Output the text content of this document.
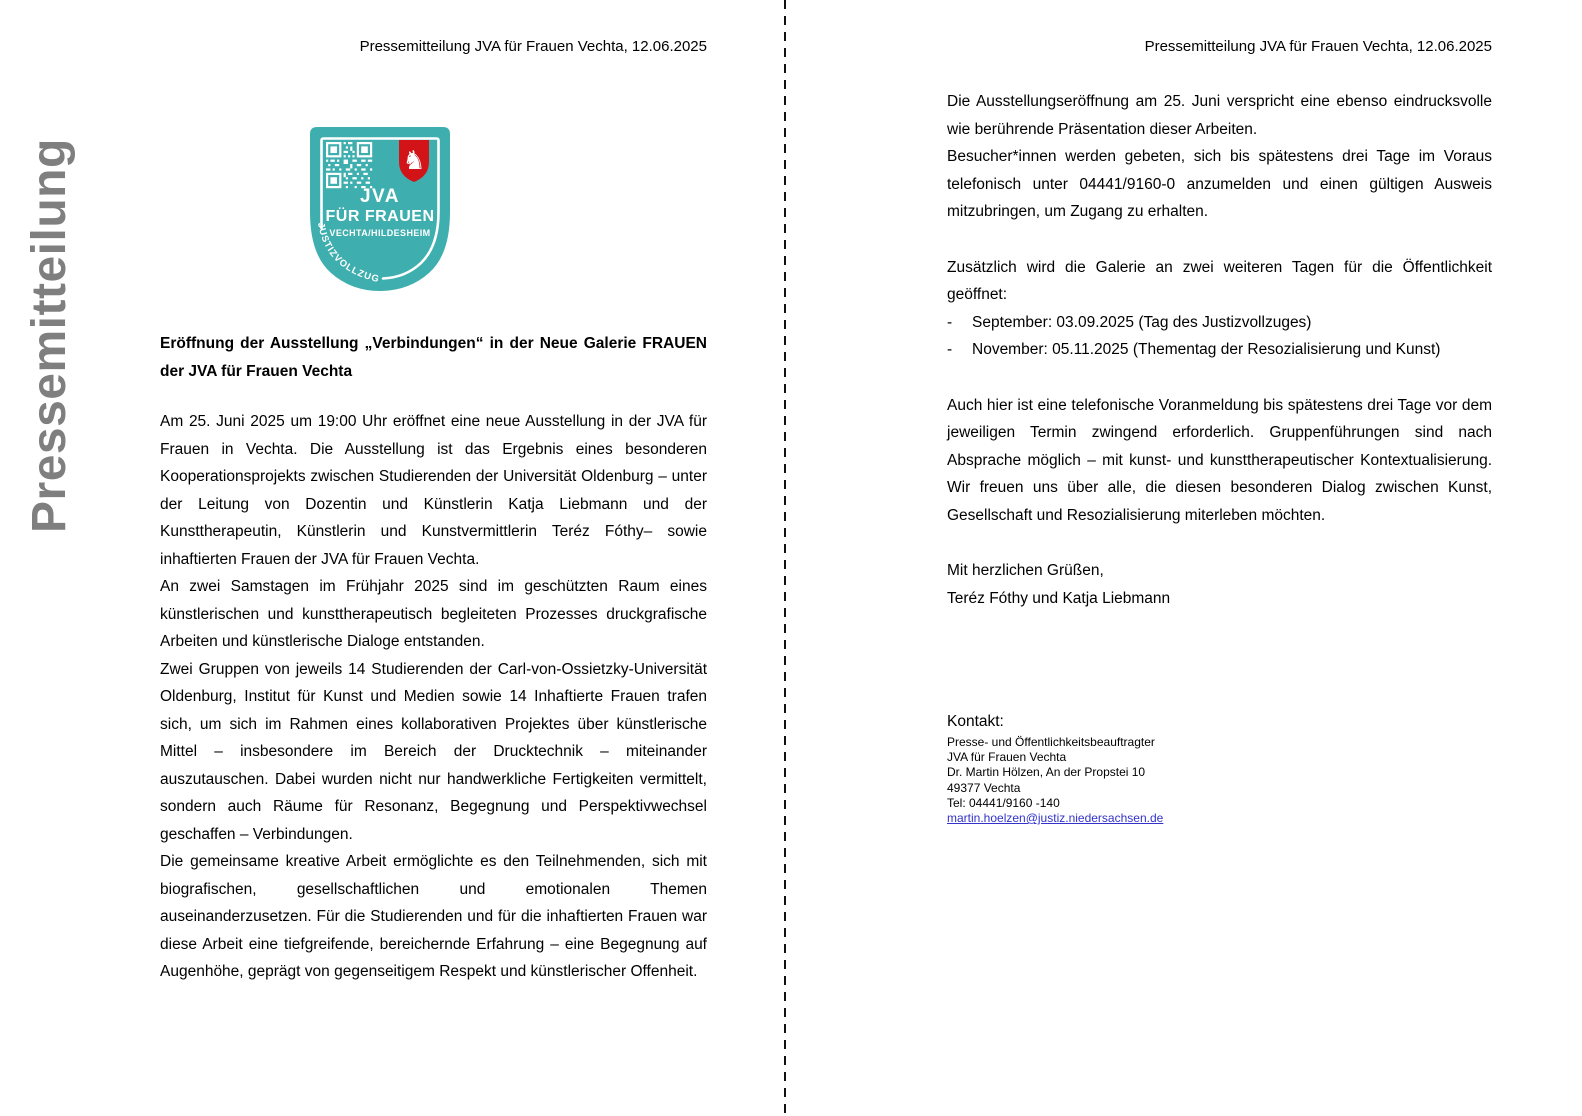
Pressemitteilung
Pressemitteilung JVA für Frauen Vechta, 12.06.2025
♞
JVA
FÜR FRAUEN
VECHTA/HILDESHEIM
JUSTIZVOLLZUG
Eröffnung der Ausstellung „Verbindungen“ in der Neue Galerie FRAUEN der JVA für Frauen Vechta
Am 25. Juni 2025 um 19:00 Uhr eröffnet eine neue Ausstellung in der JVA für Frauen in Vechta. Die Ausstellung ist das Ergebnis eines besonderen Kooperationsprojekts zwischen Studierenden der Universität Oldenburg – unter der Leitung von Dozentin und Künstlerin Katja Liebmann und der Kunsttherapeutin, Künstlerin und Kunstvermittlerin Teréz Fóthy– sowie inhaftierten Frauen der JVA für Frauen Vechta.
An zwei Samstagen im Frühjahr 2025 sind im geschützten Raum eines künstlerischen und kunsttherapeutisch begleiteten Prozesses druckgrafische Arbeiten und künstlerische Dialoge entstanden.
Zwei Gruppen von jeweils 14 Studierenden der Carl-von-Ossietzky-Universität Oldenburg, Institut für Kunst und Medien sowie 14 Inhaftierte Frauen trafen sich, um sich im Rahmen eines kollaborativen Projektes über künstlerische Mittel – insbesondere im Bereich der Drucktechnik – miteinander auszutauschen. Dabei wurden nicht nur handwerkliche Fertigkeiten vermittelt, sondern auch Räume für Resonanz, Begegnung und Perspektivwechsel geschaffen – Verbindungen.
Die gemeinsame kreative Arbeit ermöglichte es den Teilnehmenden, sich mit biografischen, gesellschaftlichen und emotionalen Themen auseinanderzusetzen. Für die Studierenden und für die inhaftierten Frauen war diese Arbeit eine tiefgreifende, bereichernde Erfahrung – eine Begegnung auf Augenhöhe, geprägt von gegenseitigem Respekt und künstlerischer Offenheit.
Pressemitteilung JVA für Frauen Vechta, 12.06.2025
Die Ausstellungseröffnung am 25. Juni verspricht eine ebenso eindrucksvolle wie berührende Präsentation dieser Arbeiten.
Besucher*innen werden gebeten, sich bis spätestens drei Tage im Voraus telefonisch unter 04441/9160-0 anzumelden und einen gültigen Ausweis mitzubringen, um Zugang zu erhalten.
Zusätzlich wird die Galerie an zwei weiteren Tagen für die Öffentlichkeit geöffnet:
-	September: 03.09.2025 (Tag des Justizvollzuges)
-	November: 05.11.2025 (Thementag der Resozialisierung und Kunst)
Auch hier ist eine telefonische Voranmeldung bis spätestens drei Tage vor dem jeweiligen Termin zwingend erforderlich. Gruppenführungen sind nach Absprache möglich – mit kunst- und kunsttherapeutischer Kontextualisierung. Wir freuen uns über alle, die diesen besonderen Dialog zwischen Kunst, Gesellschaft und Resozialisierung miterleben möchten.
Mit herzlichen Grüßen,
Teréz Fóthy und Katja Liebmann
Kontakt:
Presse- und Öffentlichkeitsbeauftragter
JVA für Frauen Vechta
Dr. Martin Hölzen, An der Propstei 10
49377 Vechta
Tel: 04441/9160 -140
martin.hoelzen@justiz.niedersachsen.de
